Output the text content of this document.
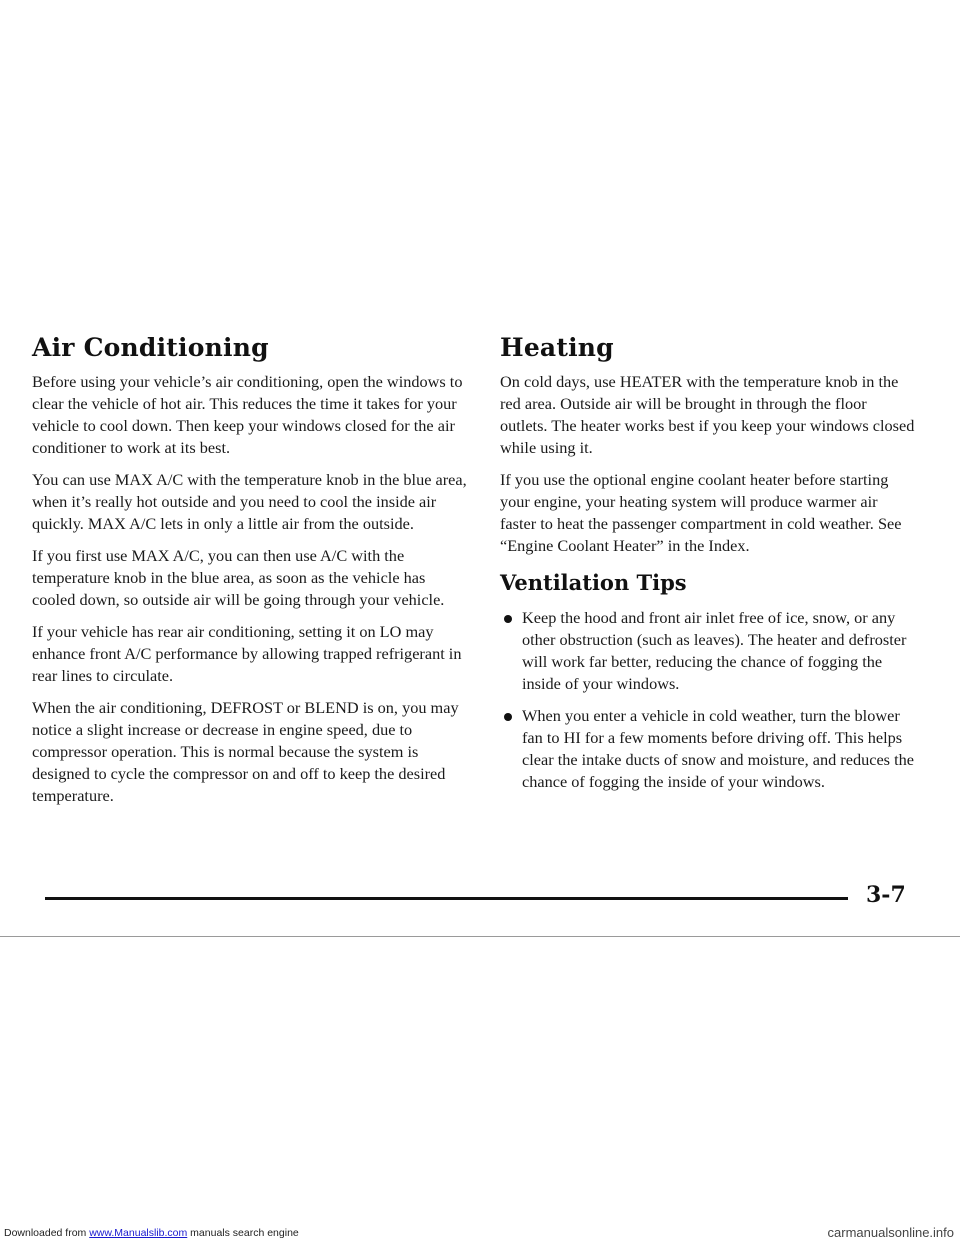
Air Conditioning

Before using your vehicle’s air conditioning, open the windows to clear the vehicle of hot air. This reduces the time it takes for your vehicle to cool down. Then keep your windows closed for the air conditioner to work at its best.

You can use MAX A/C with the temperature knob in the blue area, when it’s really hot outside and you need to cool the inside air quickly. MAX A/C lets in only a little air from the outside.

If you first use MAX A/C, you can then use A/C with the temperature knob in the blue area, as soon as the vehicle has cooled down, so outside air will be going through your vehicle.

If your vehicle has rear air conditioning, setting it on LO may enhance front A/C performance by allowing trapped refrigerant in rear lines to circulate.

When the air conditioning, DEFROST or BLEND is on, you may notice a slight increase or decrease in engine speed, due to compressor operation. This is normal because the system is designed to cycle the compressor on and off to keep the desired temperature.

Heating

On cold days, use HEATER with the temperature knob in the red area. Outside air will be brought in through the floor outlets. The heater works best if you keep your windows closed while using it.

If you use the optional engine coolant heater before starting your engine, your heating system will produce warmer air faster to heat the passenger compartment in cold weather. See “Engine Coolant Heater” in the Index.

Ventilation Tips
Keep the hood and front air inlet free of ice, snow, or any other obstruction (such as leaves). The heater and defroster will work far better, reducing the chance of fogging the inside of your windows.
When you enter a vehicle in cold weather, turn the blower fan to HI for a few moments before driving off. This helps clear the intake ducts of snow and moisture, and reduces the chance of fogging the inside of your windows.
3-7
Downloaded from www.Manualslib.com manuals search engine	carmanualsonline.info
